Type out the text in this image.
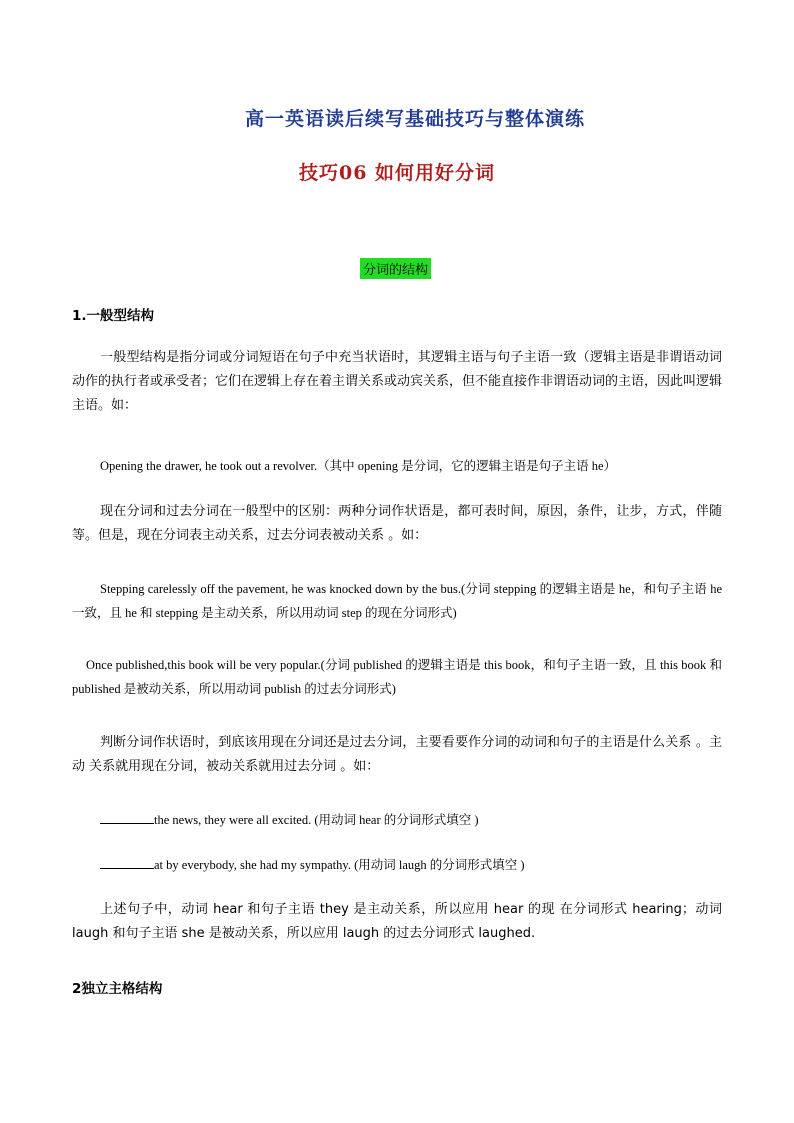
高一英语读后续写基础技巧与整体演练
技巧06 如何用好分词
分词的结构
1.一般型结构
一般型结构是指分词或分词短语在句子中充当状语时，其逻辑主语与句子主语一致（逻辑主语是非谓语动词动作的执行者或承受者；它们在逻辑上存在着主谓关系或动宾关系，但不能直接作非谓语动词的主语，因此叫逻辑主语。如：
Opening the drawer, he took out a revolver.（其中 opening 是分词，它的逻辑主语是句子主语 he）
现在分词和过去分词在一般型中的区别：两种分词作状语是，都可表时间，原因，条件，让步，方式，伴随等。但是，现在分词表主动关系，过去分词表被动关系 。如：
Stepping carelessly off the pavement, he was knocked down by the bus.(分词 stepping 的逻辑主语是 he，和句子主语 he 一致，且 he 和 stepping 是主动关系，所以用动词 step 的现在分词形式)
Once published,this book will be very popular.(分词 published 的逻辑主语是 this book，和句子主语一致，且 this book 和 published 是被动关系，所以用动词 publish 的过去分词形式)
判断分词作状语时，到底该用现在分词还是过去分词，主要看要作分词的动词和句子的主语是什么关系 。主动 关系就用现在分词，被动关系就用过去分词 。如：
the news, they were all excited. (用动词 hear 的分词形式填空 )
at by everybody, she had my sympathy. (用动词 laugh 的分词形式填空 )
上述句子中，动词 hear 和句子主语 they 是主动关系，所以应用 hear 的现 在分词形式 hearing；动词 laugh 和句子主语 she 是被动关系，所以应用 laugh 的过去分词形式 laughed.
2独立主格结构
